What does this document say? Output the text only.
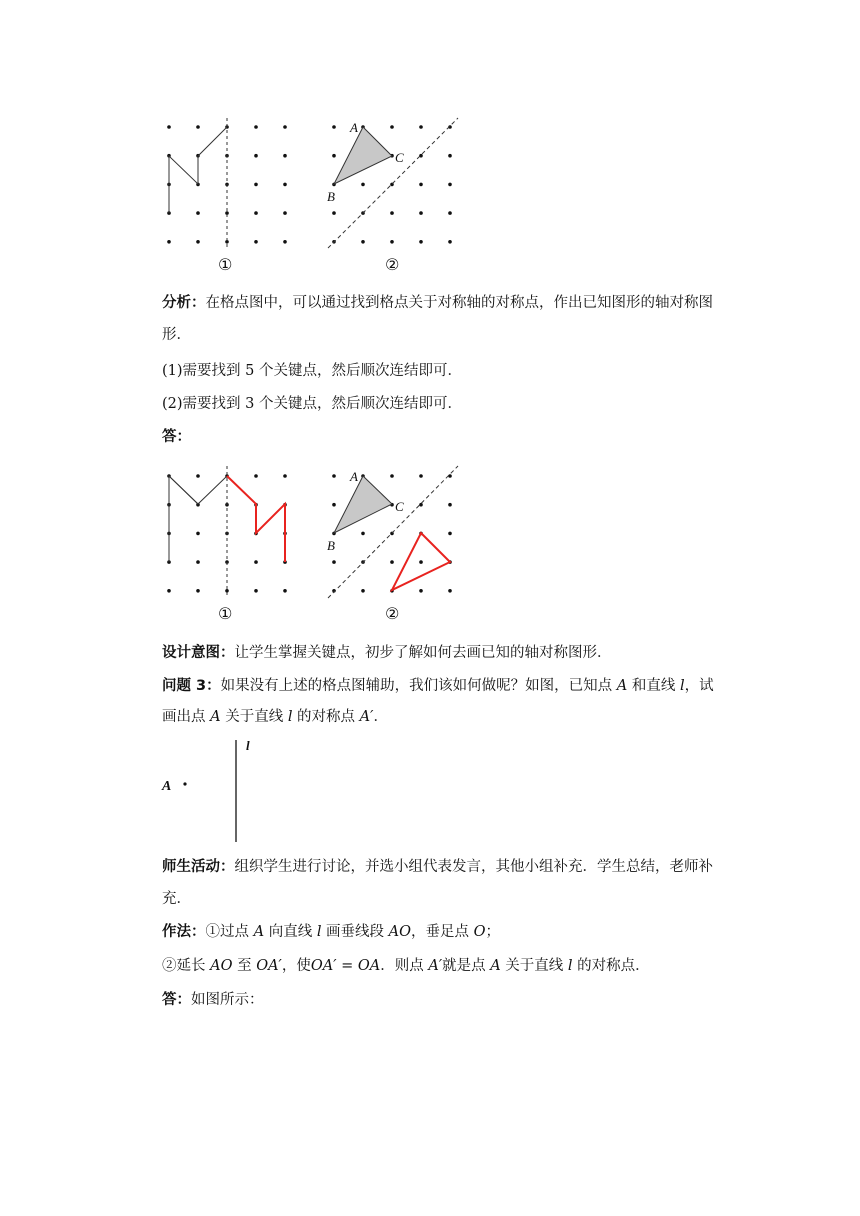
①
A
C
B
②
①
A
C
B
②
l
A

分析：在格点图中，可以通过找到格点关于对称轴的对称点，作出已知图形的轴对称图

形．

(1)需要找到 5 个关键点，然后顺次连结即可．

(2)需要找到 3 个关键点，然后顺次连结即可．

答：

设计意图：让学生掌握关键点，初步了解如何去画已知的轴对称图形．

问题 3：如果没有上述的格点图辅助，我们该如何做呢？如图，已知点 A 和直线 l，试

画出点 A 关于直线 l 的对称点 A′．

师生活动：组织学生进行讨论，并选小组代表发言，其他小组补充．学生总结，老师补

充．

作法：①过点 A 向直线 l 画垂线段 AO，垂足点 O；

②延长 AO 至 OA′，使OA′ = OA．则点 A′就是点 A 关于直线 l 的对称点．

答：如图所示：
